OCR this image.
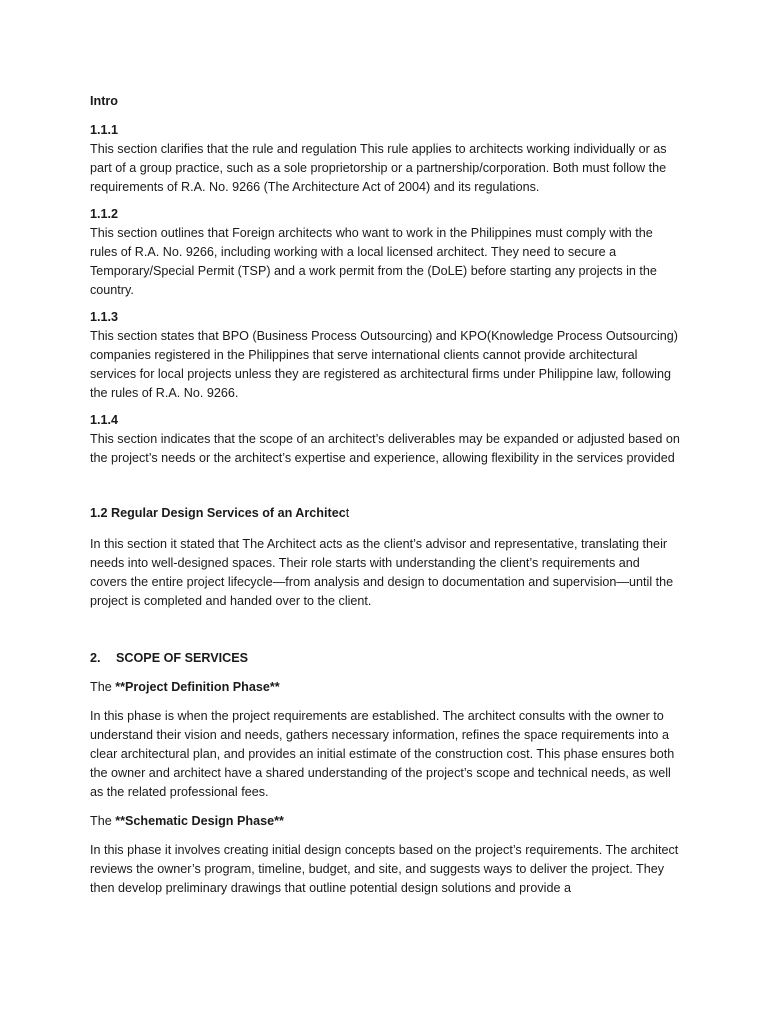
Intro
1.1.1
This section clarifies that the rule and regulation This rule applies to architects working individually or as part of a group practice, such as a sole proprietorship or a partnership/corporation. Both must follow the requirements of R.A. No. 9266 (The Architecture Act of 2004) and its regulations.
1.1.2
This section outlines that Foreign architects who want to work in the Philippines must comply with the rules of R.A. No. 9266, including working with a local licensed architect. They need to secure a Temporary/Special Permit (TSP) and a work permit from the (DoLE) before starting any projects in the country.
1.1.3
This section states that BPO (Business Process Outsourcing) and KPO(Knowledge Process Outsourcing) companies registered in the Philippines that serve international clients cannot provide architectural services for local projects unless they are registered as architectural firms under Philippine law, following the rules of R.A. No. 9266.
1.1.4
This section indicates that the scope of an architect’s deliverables may be expanded or adjusted based on the project’s needs or the architect’s expertise and experience, allowing flexibility in the services provided
1.2 Regular Design Services of an Architect
In this section it stated that The Architect acts as the client’s advisor and representative, translating their needs into well-designed spaces. Their role starts with understanding the client’s requirements and covers the entire project lifecycle—from analysis and design to documentation and supervision—until the project is completed and handed over to the client.
2.	SCOPE OF SERVICES
The **Project Definition Phase**
In this phase is when the project requirements are established. The architect consults with the owner to understand their vision and needs, gathers necessary information, refines the space requirements into a clear architectural plan, and provides an initial estimate of the construction cost. This phase ensures both the owner and architect have a shared understanding of the project’s scope and technical needs, as well as the related professional fees.
The **Schematic Design Phase**
In this phase it involves creating initial design concepts based on the project’s requirements. The architect reviews the owner’s program, timeline, budget, and site, and suggests ways to deliver the project. They then develop preliminary drawings that outline potential design solutions and provide a
